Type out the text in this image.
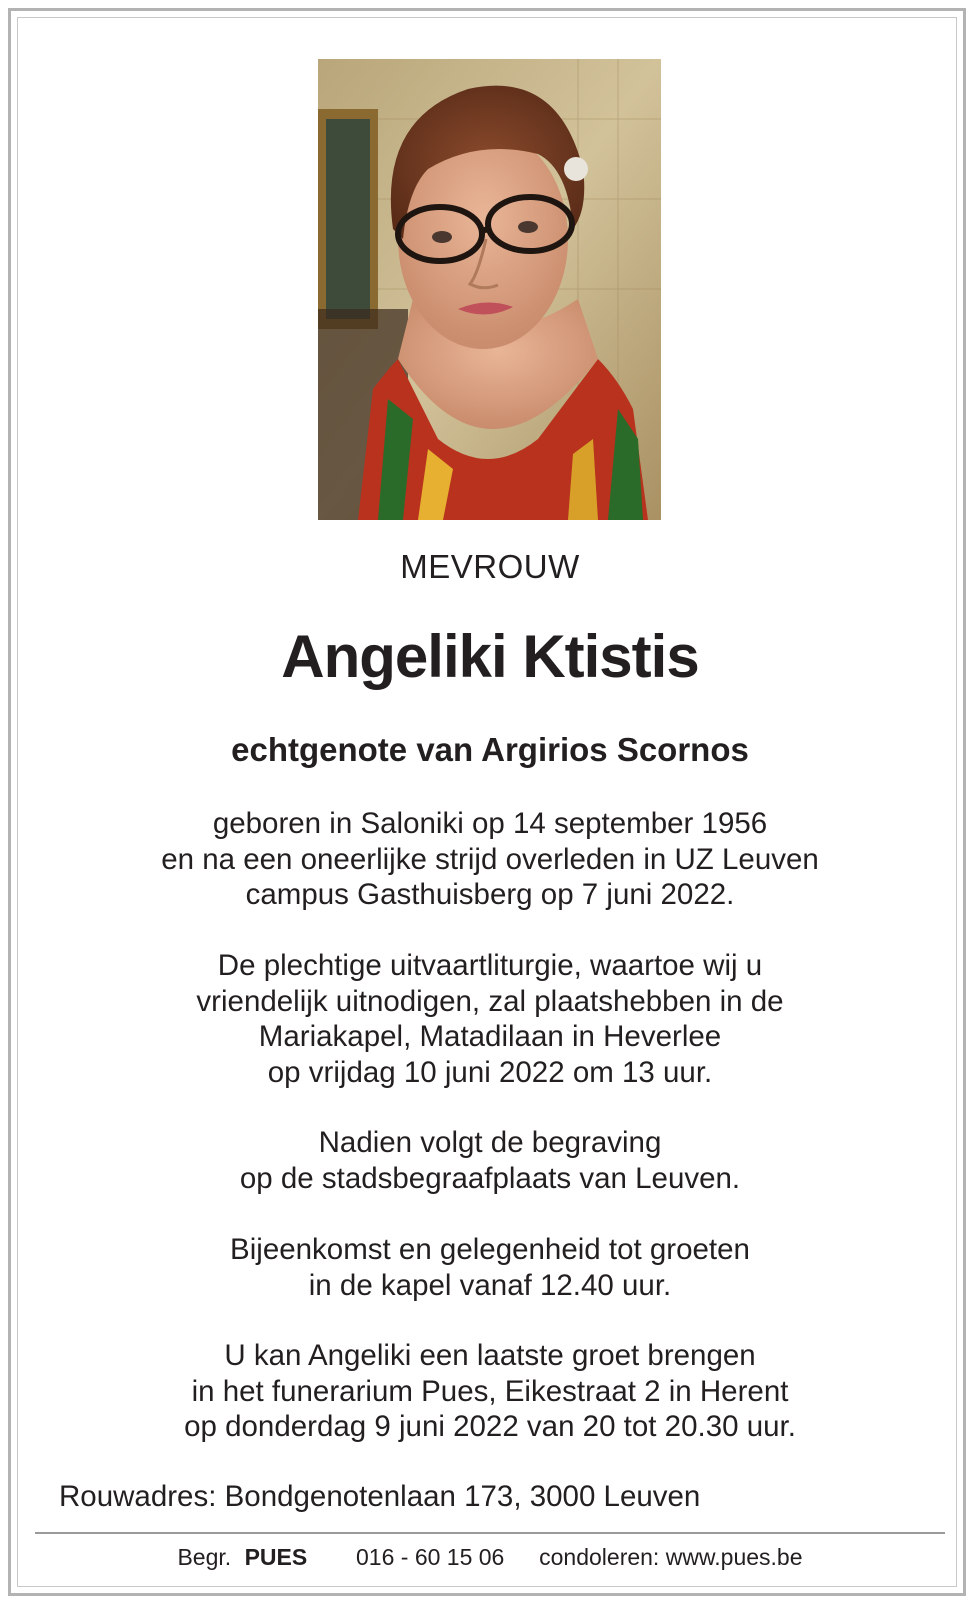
MEVROUW
Angeliki Ktistis
echtgenote van Argirios Scornos
geboren in Saloniki op 14 september 1956
en na een oneerlijke strijd overleden in UZ Leuven
campus Gasthuisberg op 7 juni 2022.
De plechtige uitvaartliturgie, waartoe wij u
vriendelijk uitnodigen, zal plaatshebben in de
Mariakapel, Matadilaan in Heverlee
op vrijdag 10 juni 2022 om 13 uur.
Nadien volgt de begraving
op de stadsbegraafplaats van Leuven.
Bijeenkomst en gelegenheid tot groeten
in de kapel vanaf 12.40 uur.
U kan Angeliki een laatste groet brengen
in het funerarium Pues, Eikestraat 2 in Herent
op donderdag 9 juni 2022 van 20 tot 20.30 uur.
Rouwadres: Bondgenotenlaan 173, 3000 Leuven
Begr. PUES 016 - 60 15 06 condoleren: www.pues.be
